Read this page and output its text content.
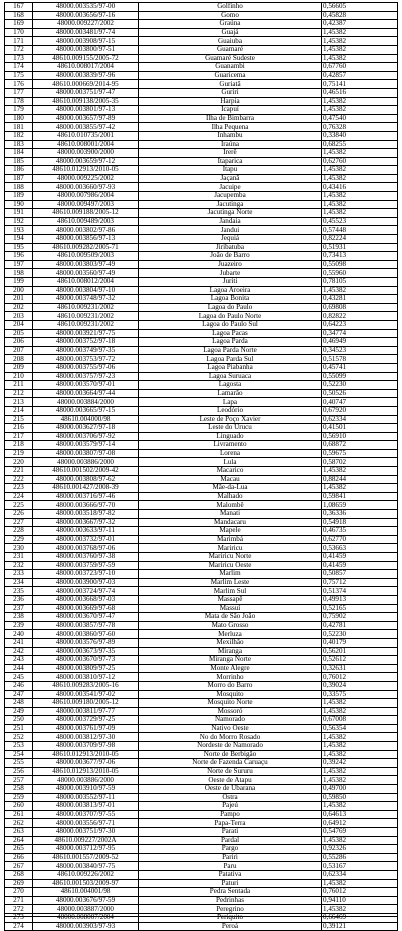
167	48000.003535/97-00	Golfinho	0,56605
168	48000.003656/97-16	Gomo	0,45828
169	48000.009227/2002	Graúna	0,42387
170	48000.003481/97-74	Guajá	1,45382
171	48000.003908/97-15	Guaiuba	1,45382
172	48000.003800/97-51	Guamaré	1,45382
173	48610.009155/2005-72	Guamaré Sudeste	1,45382
174	48610.008017/2004	Guanambi	0,67760
175	48000.003839/97-96	Guaricema	0,42857
176	48610.000669/2014-95	Guriatã	0,75141
177	48000.003751/97-47	Guriri	0,46516
178	48610.009138/2005-35	Harpia	1,45382
179	48000.003801/97-13	Icapuí	1,45382
180	48000.003657/97-89	Ilha de Bimbarra	0,47540
181	48000.003855/97-42	Ilha Pequena	0,76328
182	48610.010735/2001	Inhambu	0,33840
183	48610.008001/2004	Iraúna	0,68255
184	48000.003900/2000	Irerê	1,45382
185	48000.003659/97-12	Itaparica	0,62760
186	48610.012913/2010-05	Itapu	1,45382
187	48000.009225/2002	Jaçanã	1,45382
188	48000.003660/97-93	Jacuipe	0,43416
189	48000.007986/2004	Jacupemba	1,45382
190	48000.009497/2003	Jacutinga	1,45382
191	48610.009188/2005-12	Jacutinga Norte	1,45382
192	48610.009489/2003	Jandaia	0,45523
193	48000.003802/97-86	Jandui	0,57448
194	48000.003856/97-13	Jequiá	0,82224
195	48610.009282/2005-71	Jiribatuba	0,51931
196	48610.009509/2003	João de Barro	0,73413
197	48000.003803/97-49	Juazeiro	0,55098
198	48000.003560/97-49	Jubarte	0,55960
199	48610.008012/2004	Juriti	0,78105
200	48000.003804/97-10	Lagoa Aroeira	1,45382
201	48000.003748/97-32	Lagoa Bonita	0,43281
202	48610.009231/2002	Lagoa do Paulo	0,69808
203	48610.009231/2002	Lagoa do Paulo Norte	0,82822
204	48610.009231/2002	Lagoa do Paulo Sul	0,64223
205	48000.003921/97-75	Lagoa Pacas	0,34774
206	48000.003752/97-18	Lagoa Parda	0,46949
207	48000.003749/97-35	Lagoa Parda Norte	0,34523
208	48000.003753/97-72	Lagoa Parda Sul	0,51578
209	48000.003755/97-06	Lagoa Piabanha	0,45741
210	48000.003757/97-23	Lagoa Suruaca	0,55099
211	48000.003570/97-01	Lagosta	0,52230
212	48000.003664/97-44	Lamarão	0,50526
213	48000.003884/2000	Lapa	0,40747
214	48000.003665/97-15	Leodório	0,67920
215	48610.004000/98	Leste de Poço Xavier	0,62334
216	48000.003627/97-18	Leste do Urucu	0,41501
217	48000.003706/97-92	Linguado	0,56910
218	48000.003579/97-14	Livramento	0,68872
219	48000.003807/97-08	Lorena	0,59675
220	48000.003886/2000	Lula	0,58702
221	48610.001502/2009-42	Macarico	1,45382
222	48000.003808/97-62	Macau	0,88244
223	48610.001427/2008-39	Mãe-da-Lua	1,45382
224	48000.003716/97-46	Malhado	0,59841
225	48000.003666/97-70	Malombê	1,08659
226	48000.003518/97-82	Manati	0,36336
227	48000.003667/97-32	Mandacaru	0,54918
228	48000.003633/97-11	Mapele	0,46735
229	48000.003732/97-01	Marimbá	0,62770
230	48000.003768/97-06	Mariricu	0,53663
231	48000.003760/97-38	Mariricu Norte	0,41459
232	48000.003759/97-59	Mariricu Oeste	0,41459
233	48000.003723/97-10	Marlim	0,50857
234	48000.003900/97-03	Marlim Leste	0,75712
235	48000.003724/97-74	Marlim Sul	0,51374
236	48000.003668/97-03	Massapê	0,49913
237	48000.003669/97-68	Massuí	0,52165
238	48000.003670/97-47	Mata de São João	0,75902
239	48000.003857/97-78	Mato Grosso	0,42781
240	48000.003860/97-60	Merluza	0,52230
241	48000.003576/97-89	Mexilhão	0,40179
242	48000.003673/97-35	Miranga	0,56201
243	48000.003670/97-73	Miranga Norte	0,52612
244	48000.003809/97-25	Monte Alegre	0,32631
245	48000.003810/97-12	Morrinho	0,76012
246	48610.009283/2005-16	Morro do Barro	0,39024
247	48000.003541/97-02	Mosquito	0,33575
248	48610.009180/2005-12	Mosquito Norte	1,45382
249	48000.003811/97-77	Mossoró	1,45382
250	48000.003729/97-25	Namorado	0,67008
251	48000.003761/97-09	Nativo Oeste	0,56354
252	48000.003812/97-30	No do Morro Rosado	1,45382
253	48000.003709/97-98	Nordeste de Namorado	1,45382
254	48610.012913/2010-05	Norte de Berbigão	1,45382
255	48000.003677/97-06	Norte de Fazenda Caruaçu	0,39242
256	48610.012913/2010-05	Norte de Sururu	1,45382
257	48000.003886/2000	Oeste de Atapu	1,45382
258	48000.003910/97-59	Oeste de Ubarana	0,49700
259	48000.003552/97-11	Ostra	0,59850
260	48000.003813/97-01	Pajeú	1,45382
261	48000.003707/97-55	Pampo	0,64613
262	48000.003556/97-71	Papa-Terra	0,64912
263	48000.003751/97-30	Parati	0,54769
264	48610.009227/2002A	Pardal	1,45382
265	48000.003712/97-95	Pargo	0,92326
266	48610.001557/2009-52	Pariri	0,55286
267	48000.003840/97-75	Paru	0,53167
268	48610.009226/2002	Patativa	0,62334
269	48610.001503/2009-97	Paturi	1,45382
270	48610.004001/98	Pedra Sentada	0,76012
271	48000.003676/97-59	Pedrinhas	0,94110
272	48000.003887/2000	Peregrino	1,45382
273	48000.008007/2004	Periquito	0,66469
274	48000.003903/97-93	Peroá	0,39121
